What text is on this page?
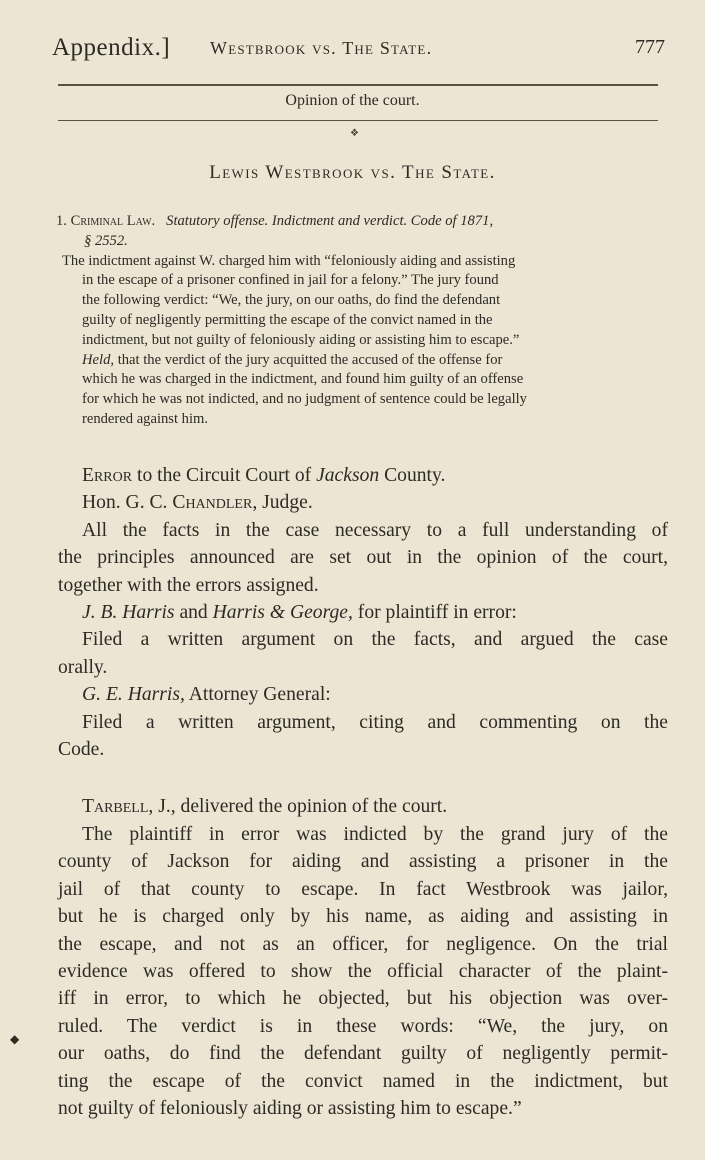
Appendix.] Westbrook vs. The State.	777
Opinion of the court.
❖
Lewis Westbrook vs. The State.
1. Criminal Law. Statutory offense. Indictment and verdict. Code of 1871,
§ 2552.
The indictment against W. charged him with “feloniously aiding and assisting
in the escape of a prisoner confined in jail for a felony.” The jury found
the following verdict: “We, the jury, on our oaths, do find the defendant
guilty of negligently permitting the escape of the convict named in the
indictment, but not guilty of feloniously aiding or assisting him to escape.”
Held, that the verdict of the jury acquitted the accused of the offense for
which he was charged in the indictment, and found him guilty of an offense
for which he was not indicted, and no judgment of sentence could be legally
rendered against him.
Error to the Circuit Court of Jackson County.
Hon. G. C. Chandler, Judge.
All the facts in the case necessary to a full understanding of
the principles announced are set out in the opinion of the court,
together with the errors assigned.
J. B. Harris and Harris & George, for plaintiff in error:
Filed a written argument on the facts, and argued the case
orally.
G. E. Harris, Attorney General:
Filed a written argument, citing and commenting on the
Code.
Tarbell, J., delivered the opinion of the court.
The plaintiff in error was indicted by the grand jury of the
county of Jackson for aiding and assisting a prisoner in the
jail of that county to escape. In fact Westbrook was jailor,
but he is charged only by his name, as aiding and assisting in
the escape, and not as an officer, for negligence. On the trial
evidence was offered to show the official character of the plaint-
iff in error, to which he objected, but his objection was over-
ruled. The verdict is in these words: “We, the jury, on
our oaths, do find the defendant guilty of negligently permit-
ting the escape of the convict named in the indictment, but
not guilty of feloniously aiding or assisting him to escape.”
◆
